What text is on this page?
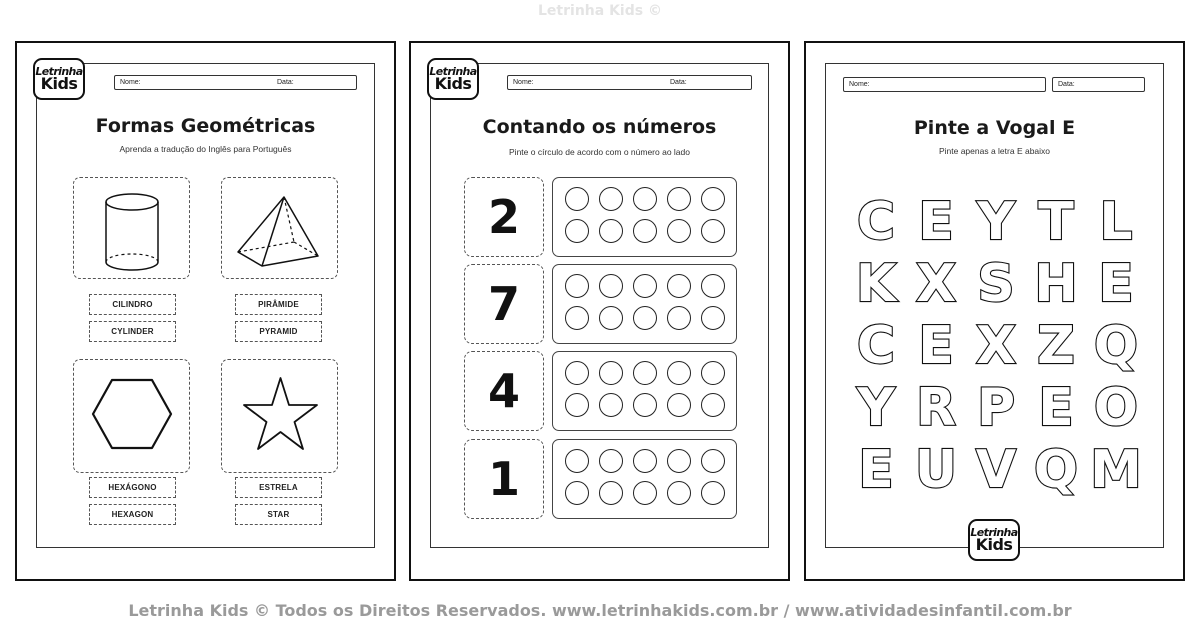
Letrinha Kids ©
Letrinha
Kids	Nome:	Data:
Formas Geométricas
Aprenda a tradução do Inglês para Português
CILINDRO
CYLINDER
PIRÂMIDE
PYRAMID
HEXÁGONO
HEXAGON
ESTRELA
STAR
Letrinha
Kids	Nome:	Data:
Contando os números
Pinte o círculo de acordo com o número ao lado
2
7
4
1
Nome:	Data:
Pinte a Vogal E
Pinte apenas a letra E abaixo
C E Y T L
K X S H E
C E X Z Q
Y R P E O
E U V Q M
Letrinha
Kids
Letrinha Kids © Todos os Direitos Reservados. www.letrinhakids.com.br / www.atividadesinfantil.com.br
